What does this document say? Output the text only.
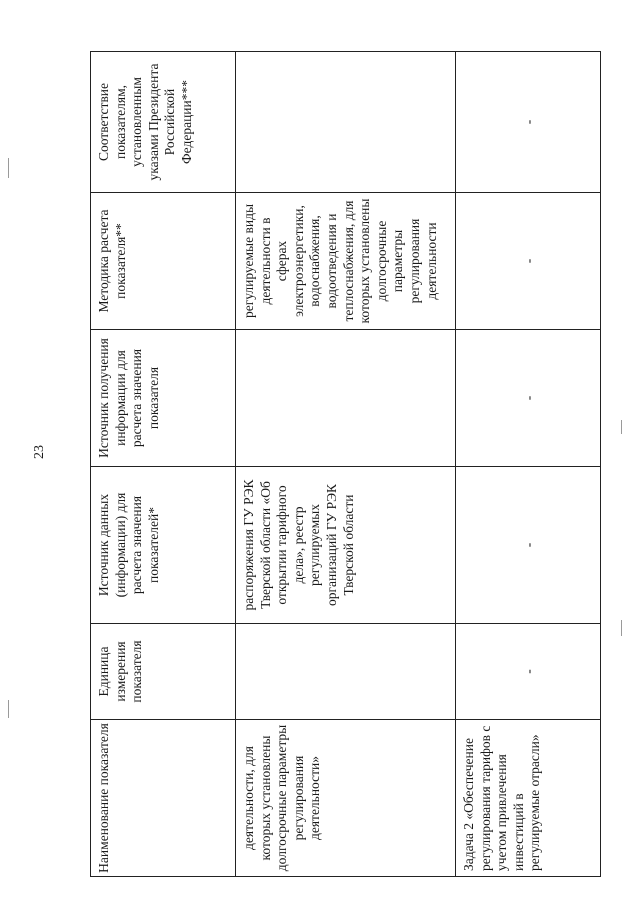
23
Наименование показателя	Единица измерения показателя	Источник данных (информации) для расчета значения показателей*	Источник получения информации для расчета значения показателя	Методика расчета показателя**	Соответствие показателям, установленным указами Президента Российской Федерации***
деятельности, для которых установлены долгосрочные параметры регулирования деятельности»		распоряжения ГУ РЭК Тверской области «Об открытии тарифного дела», реестр регулируемых организаций ГУ РЭК Тверской области		регулируемые виды деятельности в сферах электроэнергетики, водоснабжения, водоотведения и теплоснабжения, для которых установлены долгосрочные параметры регулирования деятельности	
Задача 2 «Обеспечение регулирования тарифов с учетом привлечения инвестиций в регулируемые отрасли»	-	-	-	-	-
